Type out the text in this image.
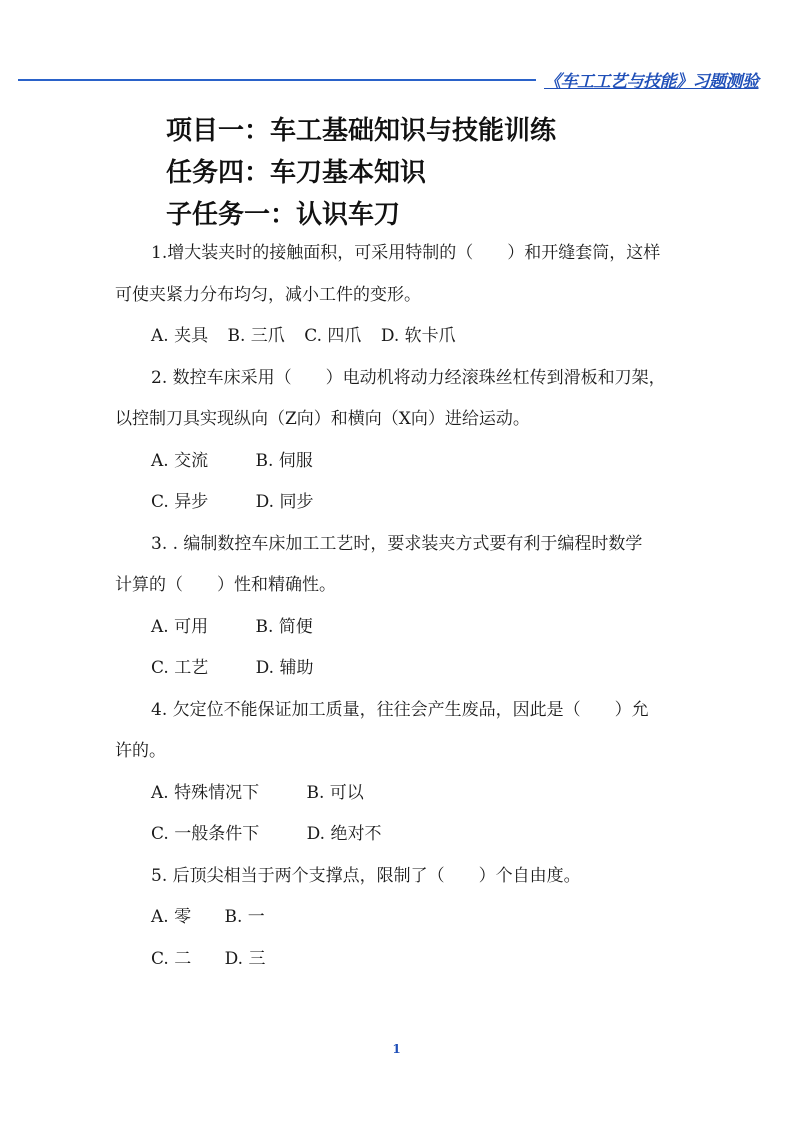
《车工工艺与技能》习题测验
项目一：车工基础知识与技能训练
任务四：车刀基本知识
子任务一：认识车刀
1.增大装夹时的接触面积，可采用特制的（　　）和开缝套筒，这样
可使夹紧力分布均匀，减小工件的变形。
A. 夹具 B. 三爪 C. 四爪 D. 软卡爪
2. 数控车床采用（　　）电动机将动力经滚珠丝杠传到滑板和刀架，
以控制刀具实现纵向（Z向）和横向（X向）进给运动。
A. 交流	B. 伺服
C. 异步	D. 同步
3. . 编制数控车床加工工艺时，要求装夹方式要有利于编程时数学
计算的（　　）性和精确性。
A. 可用	B. 简便
C. 工艺	D. 辅助
4. 欠定位不能保证加工质量，往往会产生废品，因此是（　　）允
许的。
A. 特殊情况下	B. 可以
C. 一般条件下	D. 绝对不
5. 后顶尖相当于两个支撑点，限制了（　　）个自由度。
A. 零 B. 一
C. 二 D. 三
1
